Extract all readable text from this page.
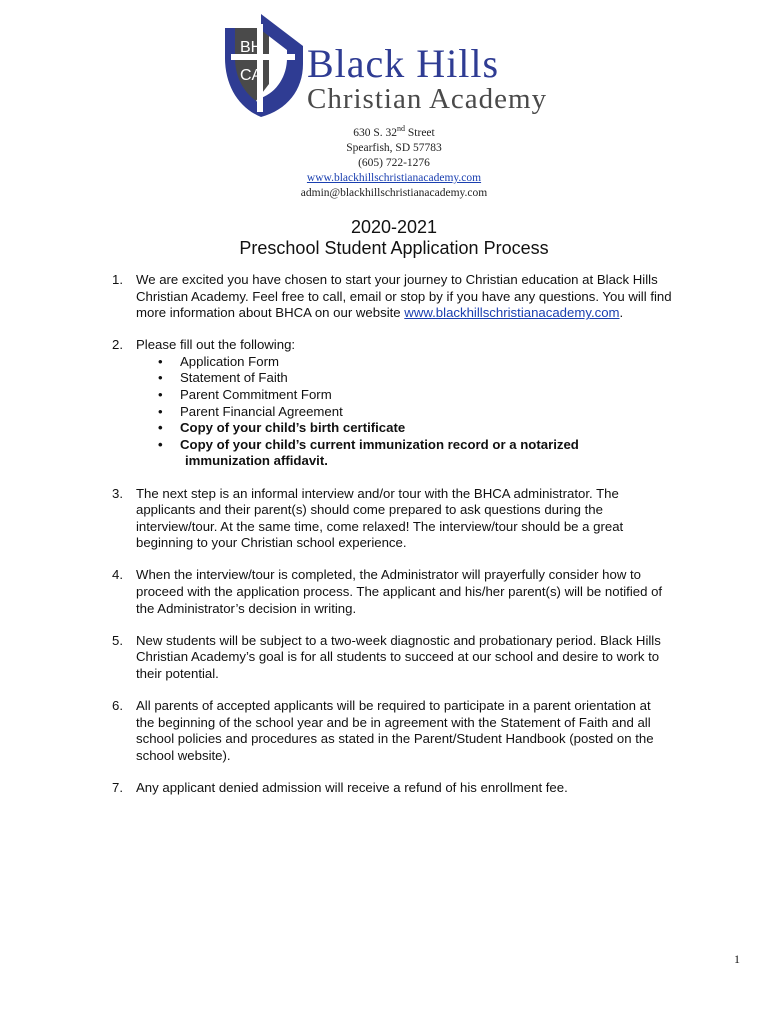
BH
CA Black Hills
Christian Academy
630 S. 32nd Street
Spearfish, SD 57783
(605) 722-1276
www.blackhillschristianacademy.com
admin@blackhillschristianacademy.com
2020-2021
Preschool Student Application Process
1. We are excited you have chosen to start your journey to Christian education at Black Hills Christian Academy. Feel free to call, email or stop by if you have any questions. You will find more information about BHCA on our website www.blackhillschristianacademy.com.
2. Please fill out the following:
• Application Form
• Statement of Faith
• Parent Commitment Form
• Parent Financial Agreement
• Copy of your child’s birth certificate
• Copy of your child’s current immunization record or a notarized
immunization affidavit.
3. The next step is an informal interview and/or tour with the BHCA administrator. The applicants and their parent(s) should come prepared to ask questions during the interview/tour. At the same time, come relaxed! The interview/tour should be a great beginning to your Christian school experience.
4. When the interview/tour is completed, the Administrator will prayerfully consider how to proceed with the application process. The applicant and his/her parent(s) will be notified of the Administrator’s decision in writing.
5. New students will be subject to a two-week diagnostic and probationary period. Black Hills Christian Academy’s goal is for all students to succeed at our school and desire to work to their potential.
6. All parents of accepted applicants will be required to participate in a parent orientation at the beginning of the school year and be in agreement with the Statement of Faith and all school policies and procedures as stated in the Parent/Student Handbook (posted on the school website).
7. Any applicant denied admission will receive a refund of his enrollment fee.
1
